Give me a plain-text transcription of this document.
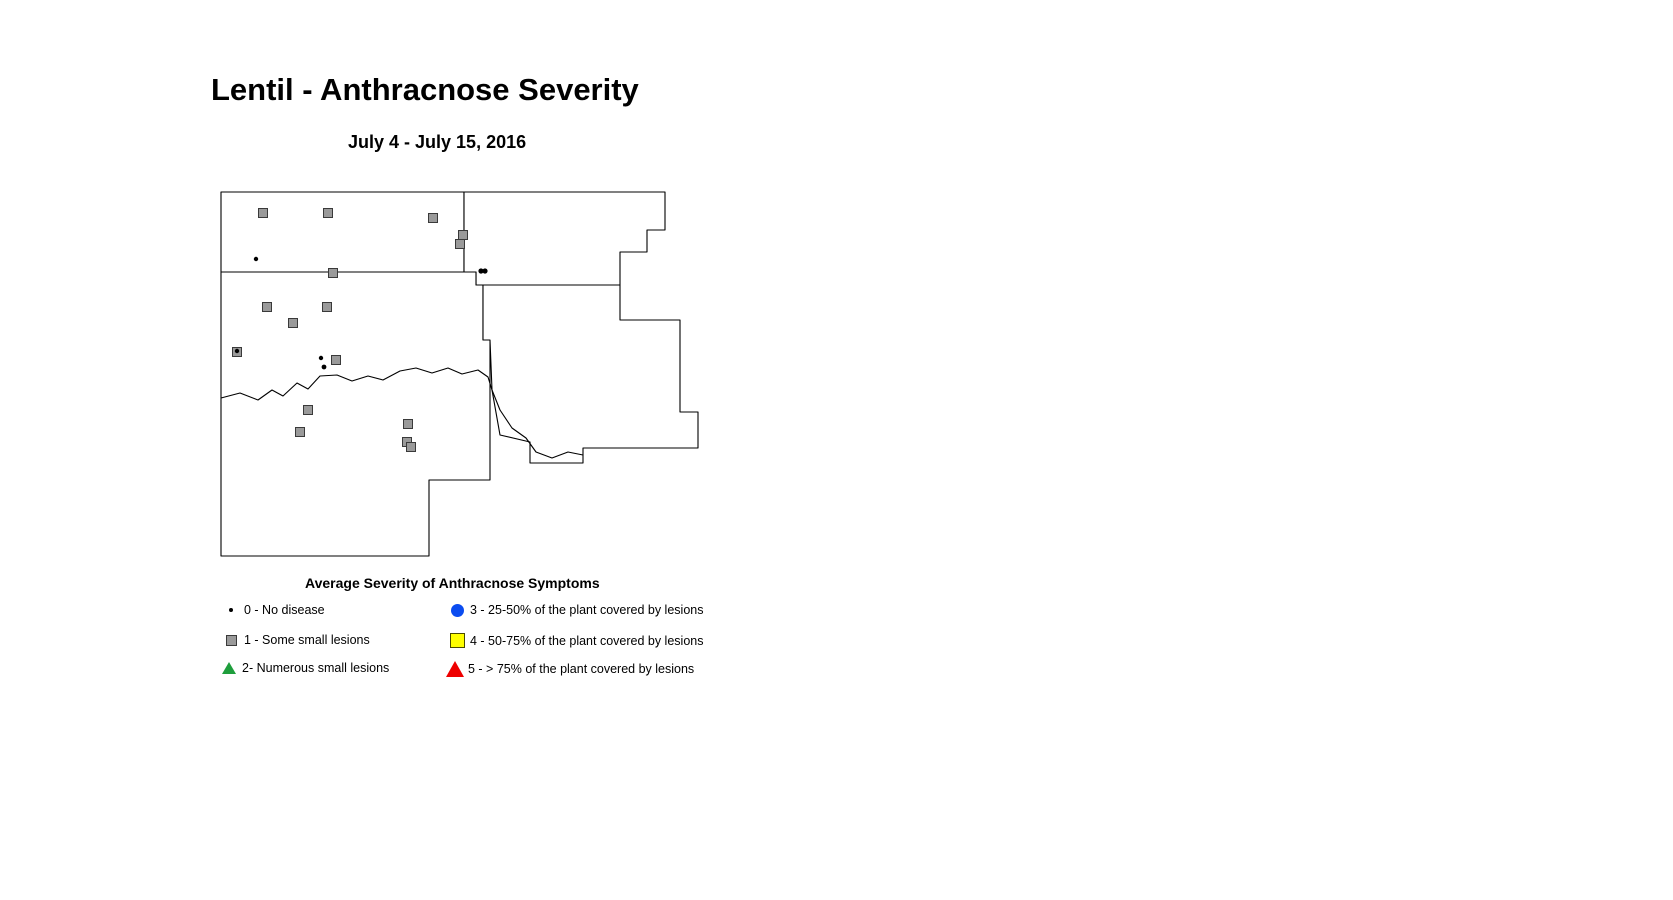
Lentil - Anthracnose Severity
July 4 - July 15, 2016
Average Severity of Anthracnose Symptoms
0 - No disease
1 - Some small lesions
2- Numerous small lesions
3 - 25-50% of the plant covered by lesions
4 - 50-75% of the plant covered by lesions
5 - > 75% of the plant covered by lesions
